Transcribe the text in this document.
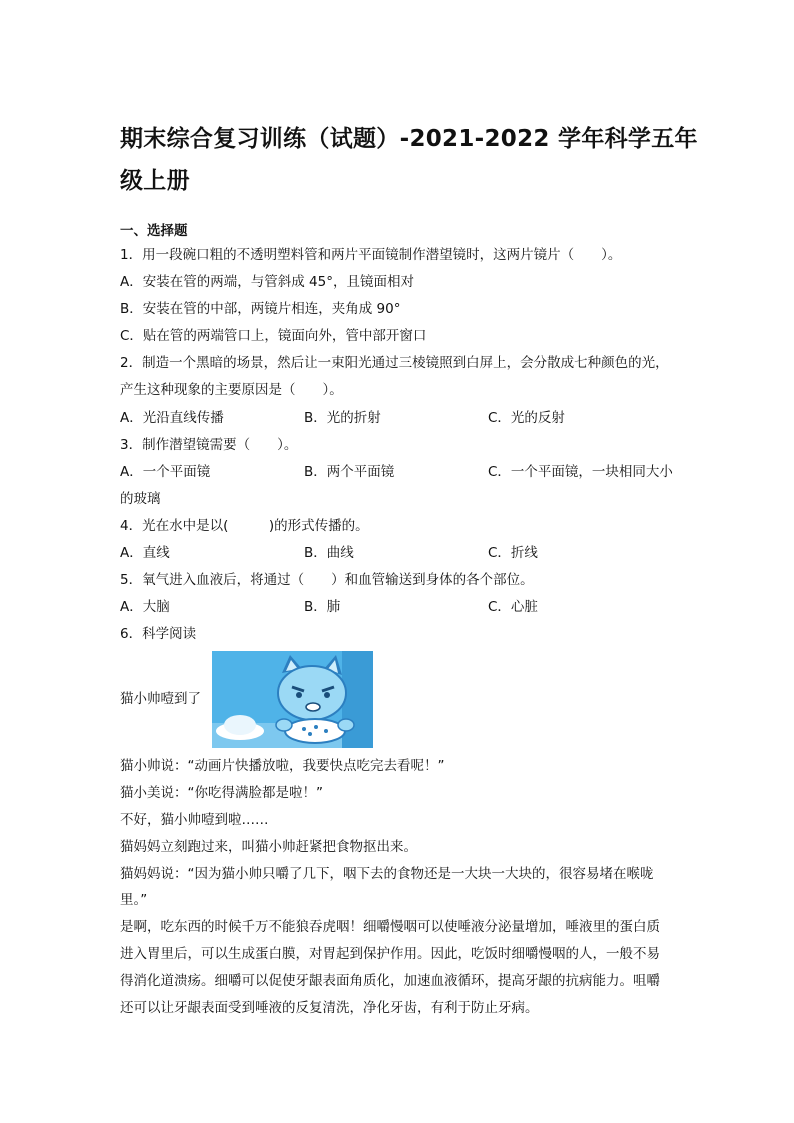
期末综合复习训练（试题）-2021-2022 学年科学五年
级上册
一、选择题
1．用一段碗口粗的不透明塑料管和两片平面镜制作潜望镜时，这两片镜片（　　）。
A．安装在管的两端，与管斜成 45°，且镜面相对
B．安装在管的中部，两镜片相连，夹角成 90°
C．贴在管的两端管口上，镜面向外，管中部开窗口
2．制造一个黑暗的场景，然后让一束阳光通过三棱镜照到白屏上，会分散成七种颜色的光，
产生这种现象的主要原因是（　　）。
A．光沿直线传播	B．光的折射	C．光的反射
3．制作潜望镜需要（　　）。
A．一个平面镜	B．两个平面镜	C．一个平面镜，一块相同大小
的玻璃
4．光在水中是以(　　　)的形式传播的。
A．直线	B．曲线	C．折线
5．氧气进入血液后，将通过（　　）和血管输送到身体的各个部位。
A．大脑	B．肺	C．心脏
6．科学阅读
猫小帅噎到了
猫小帅说：“动画片快播放啦，我要快点吃完去看呢！”
猫小美说：“你吃得满脸都是啦！”
不好，猫小帅噎到啦……
猫妈妈立刻跑过来，叫猫小帅赶紧把食物抠出来。
猫妈妈说：“因为猫小帅只嚼了几下，咽下去的食物还是一大块一大块的，很容易堵在喉咙
里。”
是啊，吃东西的时候千万不能狼吞虎咽！细嚼慢咽可以使唾液分泌量增加，唾液里的蛋白质
进入胃里后，可以生成蛋白膜，对胃起到保护作用。因此，吃饭时细嚼慢咽的人，一般不易
得消化道溃疡。细嚼可以促使牙龈表面角质化，加速血液循环，提高牙龈的抗病能力。咀嚼
还可以让牙龈表面受到唾液的反复清洗，净化牙齿，有利于防止牙病。
